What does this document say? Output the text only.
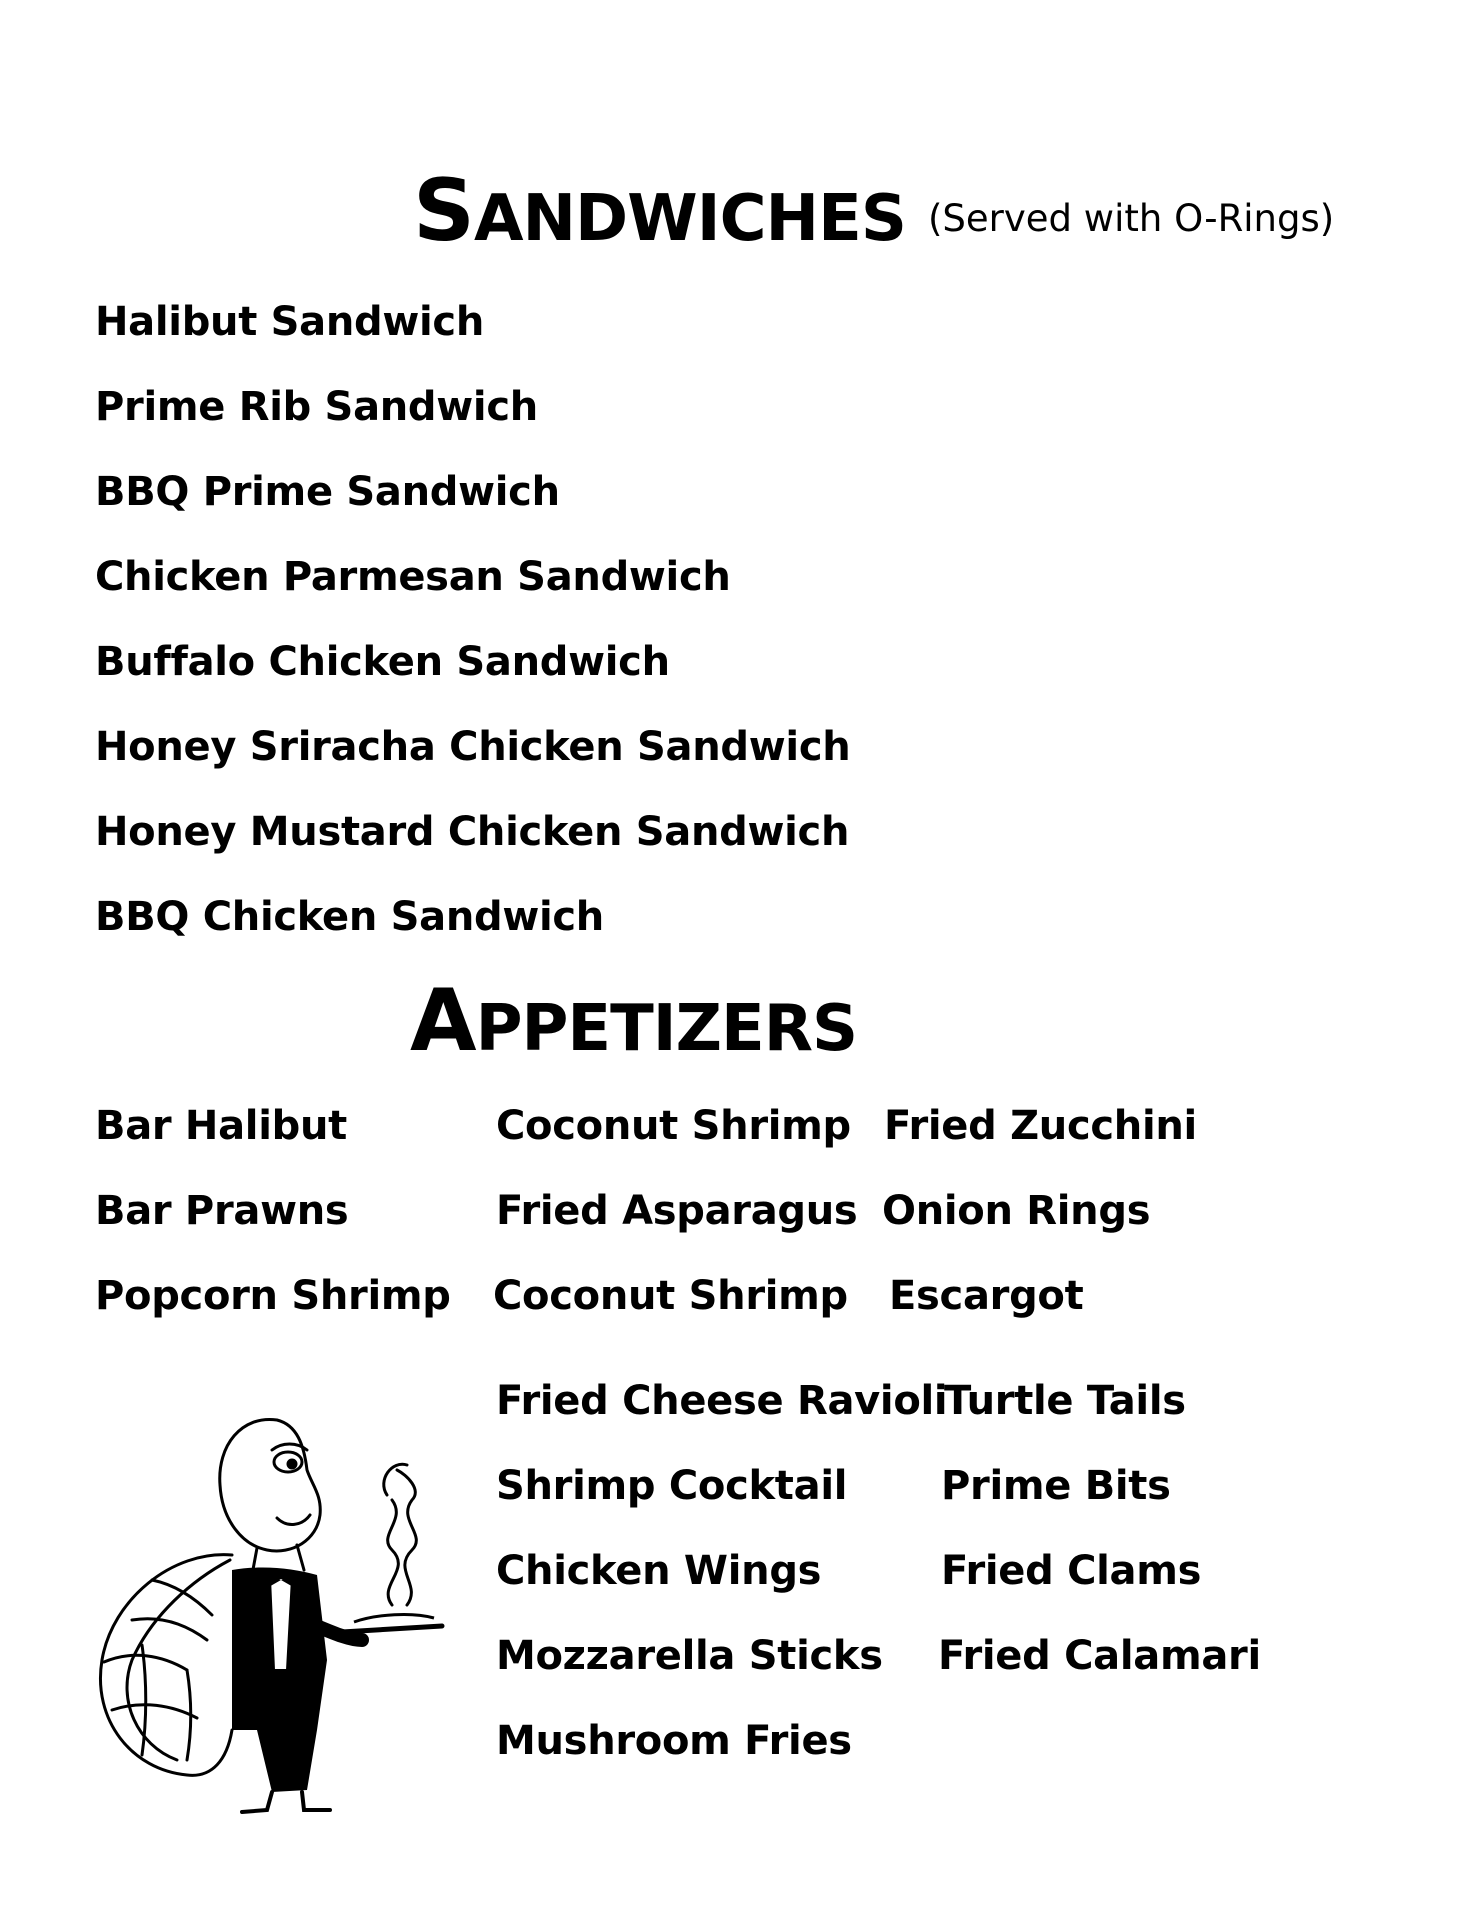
SANDWICHES (Served with O-Rings)
Halibut Sandwich
Prime Rib Sandwich
BBQ Prime Sandwich
Chicken Parmesan Sandwich
Buffalo Chicken Sandwich
Honey Sriracha Chicken Sandwich
Honey Mustard Chicken Sandwich
BBQ Chicken Sandwich
APPETIZERS
Bar Halibut
Bar Prawns
Popcorn Shrimp
Coconut Shrimp
Fried Asparagus
Coconut Shrimp
Fried Cheese Ravioli
Shrimp Cocktail
Chicken Wings
Mozzarella Sticks
Mushroom Fries
Fried Zucchini
Onion Rings
Escargot
Turtle Tails
Prime Bits
Fried Clams
Fried Calamari
